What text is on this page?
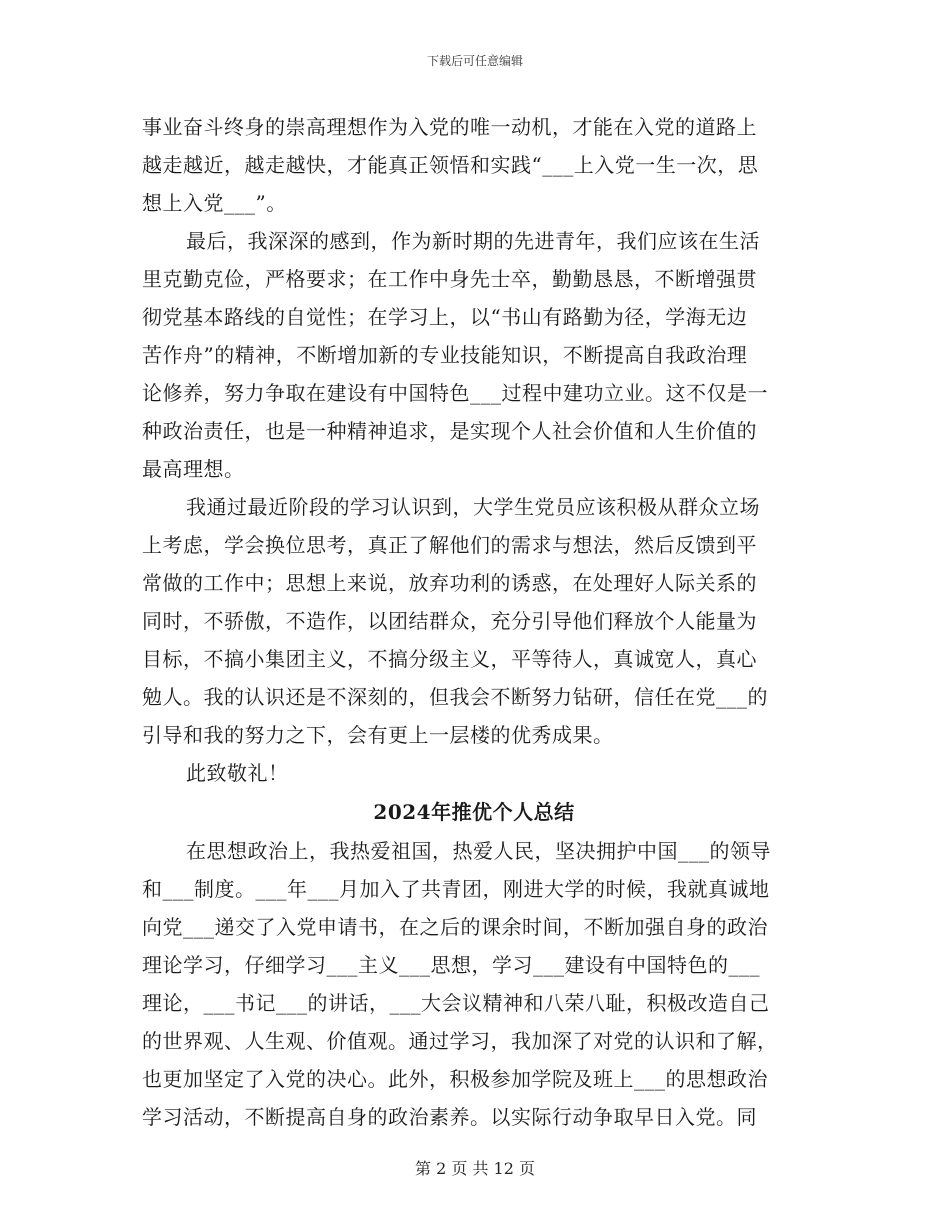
下载后可任意编辑
事业奋斗终身的崇高理想作为入党的唯一动机，才能在入党的道路上
越走越近，越走越快，才能真正领悟和实践“___上入党一生一次，思
想上入党___”。
最后，我深深的感到，作为新时期的先进青年，我们应该在生活
里克勤克俭，严格要求；在工作中身先士卒，勤勤恳恳，不断增强贯
彻党基本路线的自觉性；在学习上，以“书山有路勤为径，学海无边
苦作舟”的精神，不断增加新的专业技能知识，不断提高自我政治理
论修养，努力争取在建设有中国特色___过程中建功立业。这不仅是一
种政治责任，也是一种精神追求，是实现个人社会价值和人生价值的
最高理想。
我通过最近阶段的学习认识到，大学生党员应该积极从群众立场
上考虑，学会换位思考，真正了解他们的需求与想法，然后反馈到平
常做的工作中；思想上来说，放弃功利的诱惑，在处理好人际关系的
同时，不骄傲，不造作，以团结群众，充分引导他们释放个人能量为
目标，不搞小集团主义，不搞分级主义，平等待人，真诚宽人，真心
勉人。我的认识还是不深刻的，但我会不断努力钻研，信任在党___的
引导和我的努力之下，会有更上一层楼的优秀成果。
此致敬礼！
2024年推优个人总结
在思想政治上，我热爱祖国，热爱人民，坚决拥护中国___的领导
和___制度。___年___月加入了共青团，刚进大学的时候，我就真诚地
向党___递交了入党申请书，在之后的课余时间，不断加强自身的政治
理论学习，仔细学习___主义___思想，学习___建设有中国特色的___
理论，___书记___的讲话，___大会议精神和八荣八耻，积极改造自己
的世界观、人生观、价值观。通过学习，我加深了对党的认识和了解，
也更加坚定了入党的决心。此外，积极参加学院及班上___的思想政治
学习活动，不断提高自身的政治素养。以实际行动争取早日入党。同
第 2 页 共 12 页
